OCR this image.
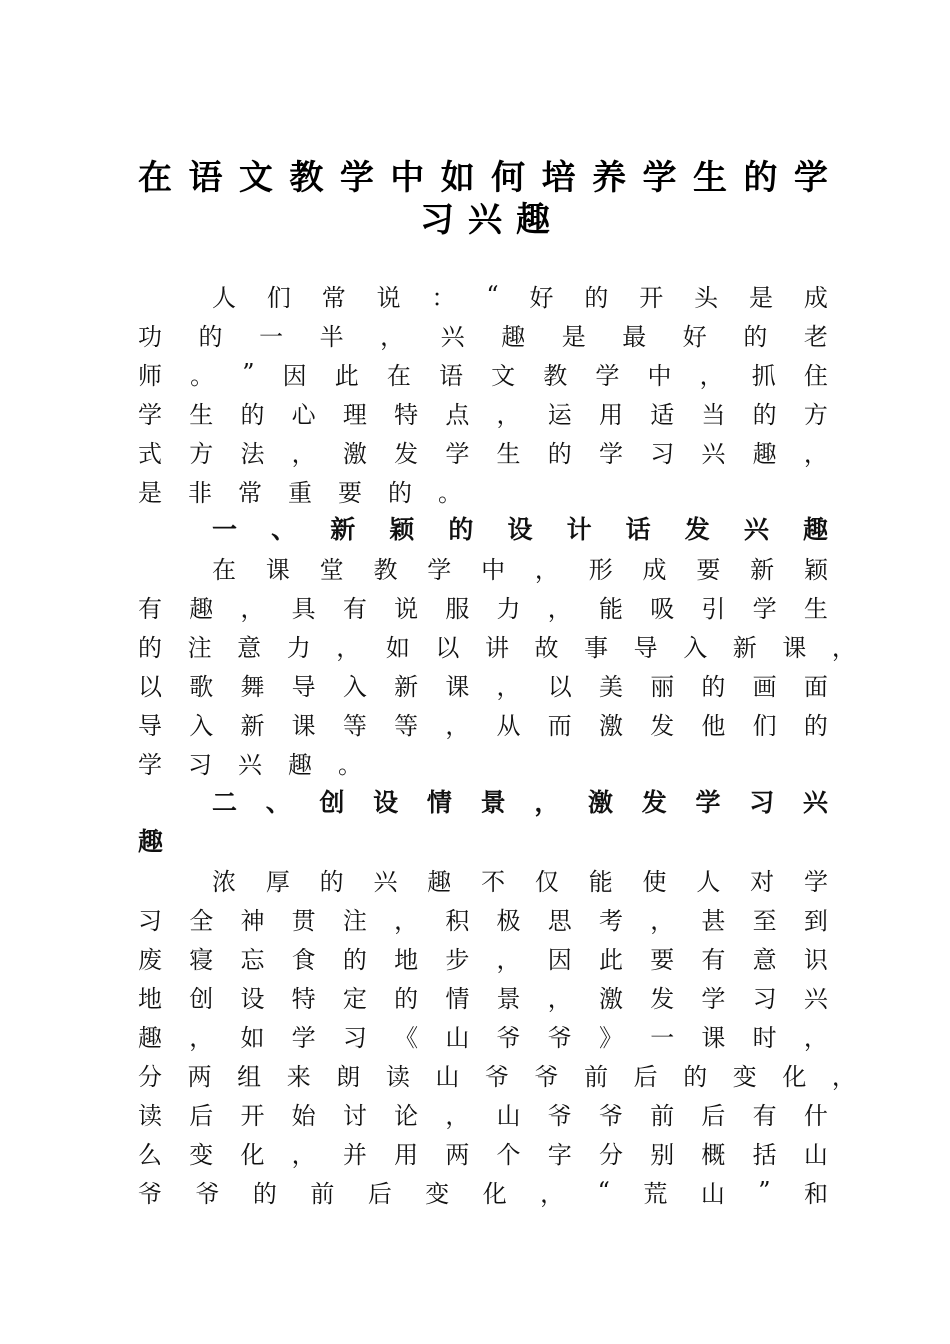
在 语 文 教 学 中 如 何 培 养 学 生 的 学
习 兴 趣
人 们 常 说 ： “ 好 的 开 头 是 成
功 的 一 半 ， 兴 趣 是 最 好 的 老
师 。 ” 因 此 在 语 文 教 学 中 ， 抓 住
学 生 的 心 理 特 点 ， 运 用 适 当 的 方
式 方 法 ， 激 发 学 生 的 学 习 兴 趣 ，
是 非 常 重 要 的 。
一 、 新 颖 的 设 计 话 发 兴 趣
在 课 堂 教 学 中 ， 形 成 要 新 颖
有 趣 ， 具 有 说 服 力 ， 能 吸 引 学 生
的 注 意 力 ， 如 以 讲 故 事 导 入 新 课 ，
以 歌 舞 导 入 新 课 ， 以 美 丽 的 画 面
导 入 新 课 等 等 ， 从 而 激 发 他 们 的
学 习 兴 趣 。
二 、 创 设 情 景 ， 激 发 学 习 兴
趣
浓 厚 的 兴 趣 不 仅 能 使 人 对 学
习 全 神 贯 注 ， 积 极 思 考 ， 甚 至 到
废 寝 忘 食 的 地 步 ， 因 此 要 有 意 识
地 创 设 特 定 的 情 景 ， 激 发 学 习 兴
趣 ， 如 学 习 《 山 爷 爷 》 一 课 时 ，
分 两 组 来 朗 读 山 爷 爷 前 后 的 变 化 ，
读 后 开 始 讨 论 ， 山 爷 爷 前 后 有 什
么 变 化 ， 并 用 两 个 字 分 别 概 括 山
爷 爷 的 前 后 变 化 ， “ 荒 山 ” 和
